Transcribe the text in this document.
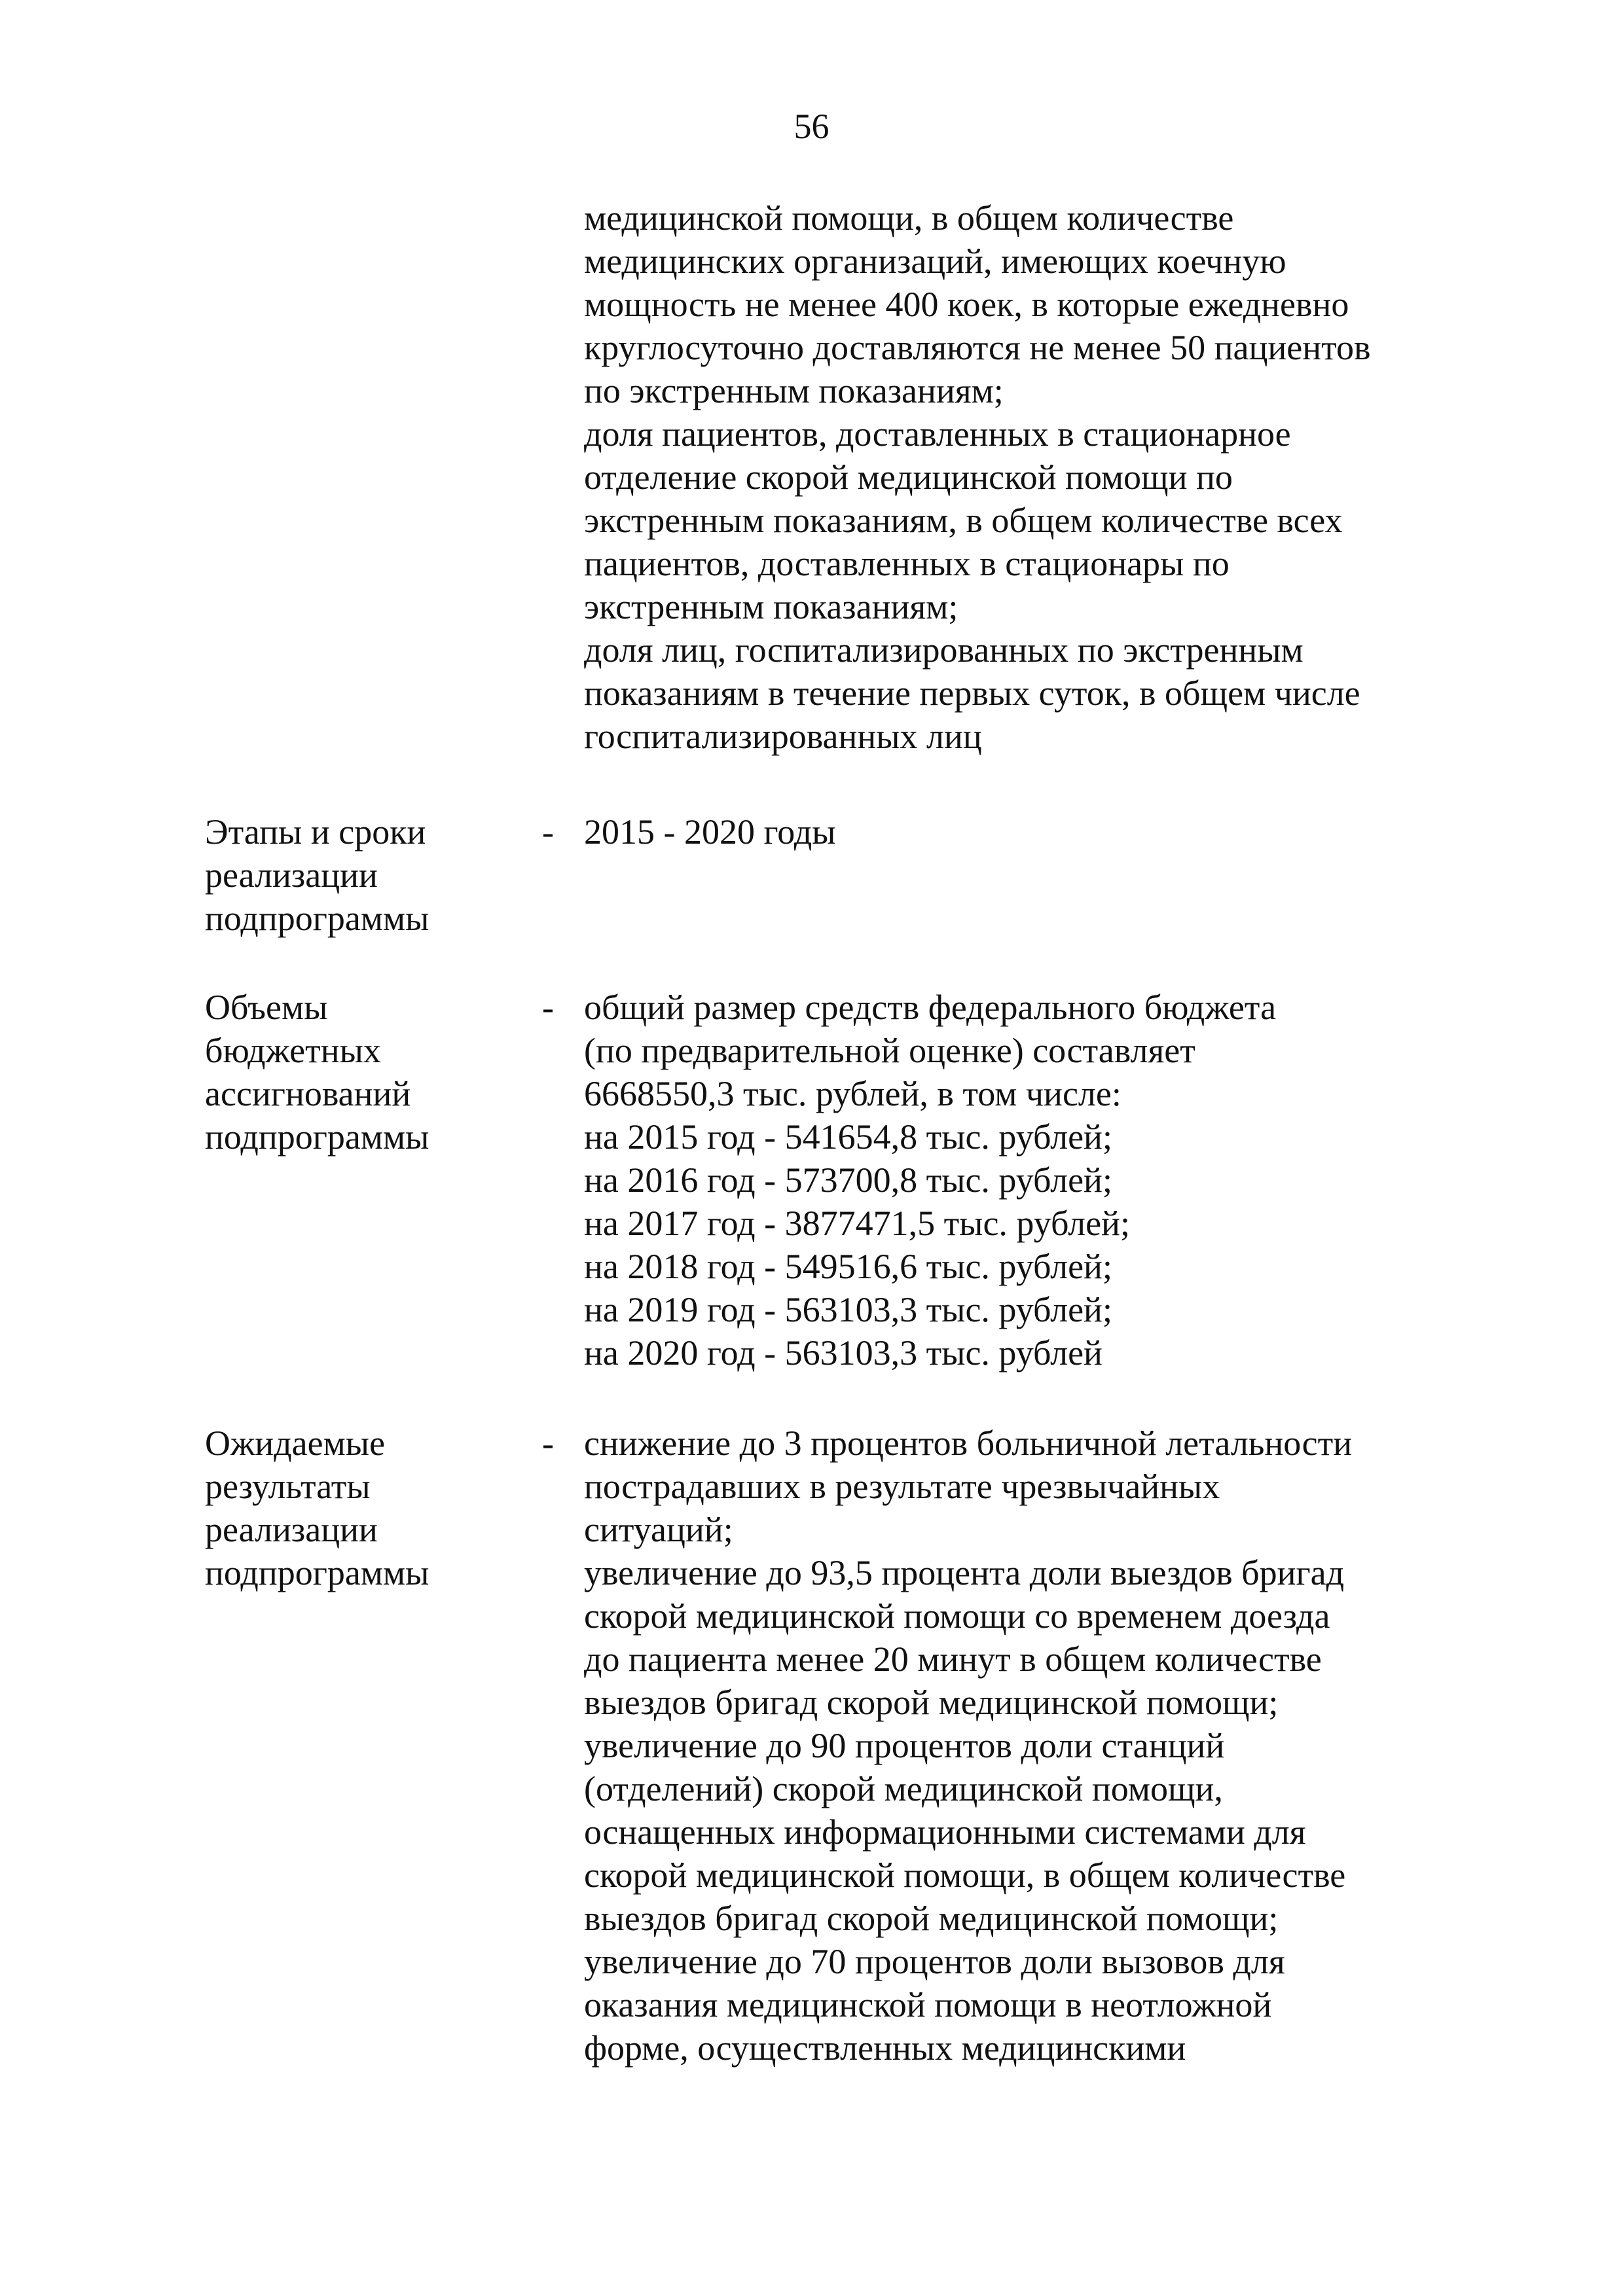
56

медицинской помощи, в общем количестве

медицинских организаций, имеющих коечную

мощность не менее 400 коек, в которые ежедневно

круглосуточно доставляются не менее 50 пациентов

по экстренным показаниям;

доля пациентов, доставленных в стационарное

отделение скорой медицинской помощи по

экстренным показаниям, в общем количестве всех

пациентов, доставленных в стационары по

экстренным показаниям;

доля лиц, госпитализированных по экстренным

показаниям в течение первых суток, в общем числе

госпитализированных лиц

Этапы и сроки

реализации

подпрограммы

- 2015 - 2020 годы

Объемы

бюджетных

ассигнований

подпрограммы

- общий размер средств федерального бюджета

(по предварительной оценке) составляет

6668550,3 тыс. рублей, в том числе:

на 2015 год - 541654,8 тыс. рублей;

на 2016 год - 573700,8 тыс. рублей;

на 2017 год - 3877471,5 тыс. рублей;

на 2018 год - 549516,6 тыс. рублей;

на 2019 год - 563103,3 тыс. рублей;

на 2020 год - 563103,3 тыс. рублей

Ожидаемые

результаты

реализации

подпрограммы

- снижение до 3 процентов больничной летальности

пострадавших в результате чрезвычайных

ситуаций;

увеличение до 93,5 процента доли выездов бригад

скорой медицинской помощи со временем доезда

до пациента менее 20 минут в общем количестве

выездов бригад скорой медицинской помощи;

увеличение до 90 процентов доли станций

(отделений) скорой медицинской помощи,

оснащенных информационными системами для

скорой медицинской помощи, в общем количестве

выездов бригад скорой медицинской помощи;

увеличение до 70 процентов доли вызовов для

оказания медицинской помощи в неотложной

форме, осуществленных медицинскими
